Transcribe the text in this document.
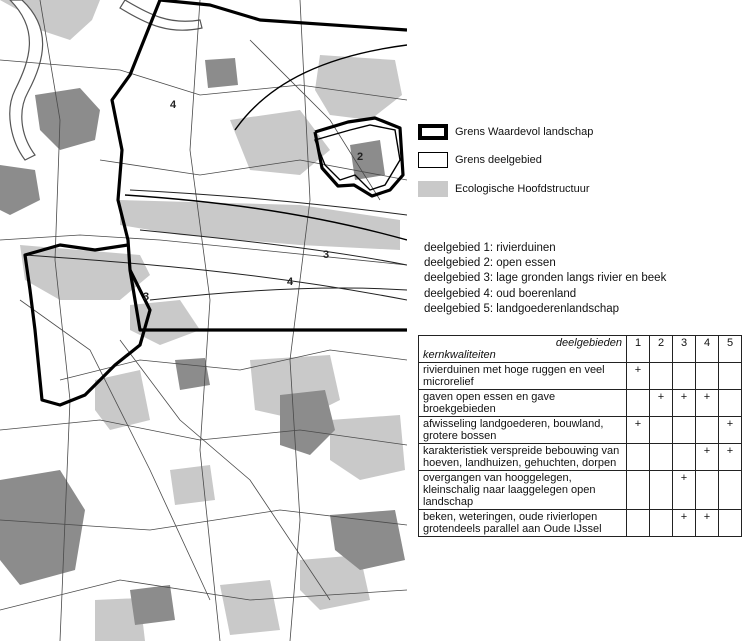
4
2
3
4
3
Grens Waardevol landschap
Grens deelgebied
Ecologische Hoofdstructuur
deelgebied 1: rivierduinen
deelgebied 2: open essen
deelgebied 3: lage gronden langs rivier en beek
deelgebied 4: oud boerenland
deelgebied 5: landgoederenlandschap
deelgebieden
kernkwaliteiten	1	2	3	4	5
rivierduinen met hoge ruggen en veel microrelief	+				
gaven open essen en gave broekgebieden		+	+	+	
afwisseling landgoederen, bouwland, grotere bossen	+				+
karakteristiek verspreide bebouwing van hoeven, landhuizen, gehuchten, dorpen				+	+
overgangen van hooggelegen, kleinschalig naar laaggelegen open landschap			+		
beken, weteringen, oude rivierlopen grotendeels parallel aan Oude IJssel			+	+	
